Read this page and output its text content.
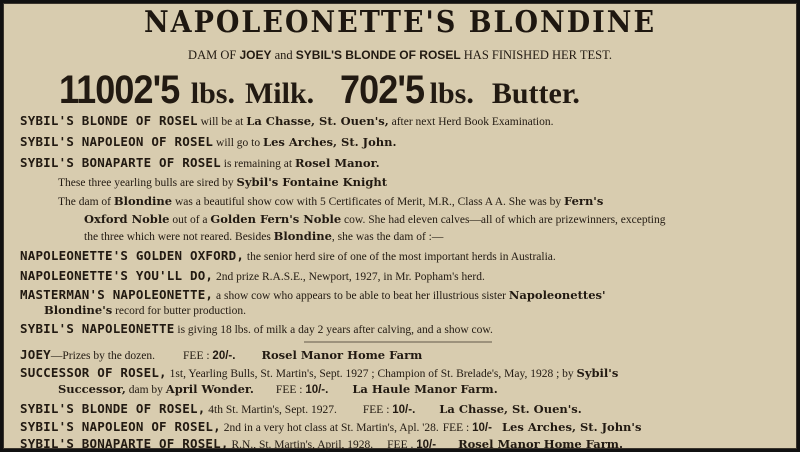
NAPOLEONETTE'S BLONDINE
DAM OF JOEY and SYBIL'S BLONDE OF ROSEL HAS FINISHED HER TEST.
11002'5 lbs. Milk. 702'5 lbs. Butter.
SYBIL'S BLONDE OF ROSEL will be at La Chasse, St. Ouen's, after next Herd Book Examination.
SYBIL'S NAPOLEON OF ROSEL will go to Les Arches, St. John.
SYBIL'S BONAPARTE OF ROSEL is remaining at Rosel Manor.
These three yearling bulls are sired by Sybil's Fontaine Knight
The dam of Blondine was a beautiful show cow with 5 Certificates of Merit, M.R., Class A A. She was by Fern's
Oxford Noble out of a Golden Fern's Noble cow. She had eleven calves—all of which are prizewinners, excepting
the three which were not reared. Besides Blondine, she was the dam of :—
NAPOLEONETTE'S GOLDEN OXFORD, the senior herd sire of one of the most important herds in Australia.
NAPOLEONETTE'S YOU'LL DO, 2nd prize R.A.S.E., Newport, 1927, in Mr. Popham's herd.
MASTERMAN'S NAPOLEONETTE, a show cow who appears to be able to beat her illustrious sister Napoleonettes'
Blondine's record for butter production.
SYBIL'S NAPOLEONETTE is giving 18 lbs. of milk a day 2 years after calving, and a show cow.
JOEY—Prizes by the dozen. FEE : 20/-. Rosel Manor Home Farm
SUCCESSOR OF ROSEL, 1st, Yearling Bulls, St. Martin's, Sept. 1927 ; Champion of St. Brelade's, May, 1928 ; by Sybil's
Successor, dam by April Wonder. FEE : 10/-. La Haule Manor Farm.
SYBIL'S BLONDE OF ROSEL, 4th St. Martin's, Sept. 1927. FEE : 10/-. La Chasse, St. Ouen's.
SYBIL'S NAPOLEON OF ROSEL, 2nd in a very hot class at St. Martin's, Apl. '28. FEE : 10/- Les Arches, St. John's
SYBIL'S BONAPARTE OF ROSEL, R.N., St. Martin's, April, 1928. FEE . 10/- Rosel Manor Home Farm.
